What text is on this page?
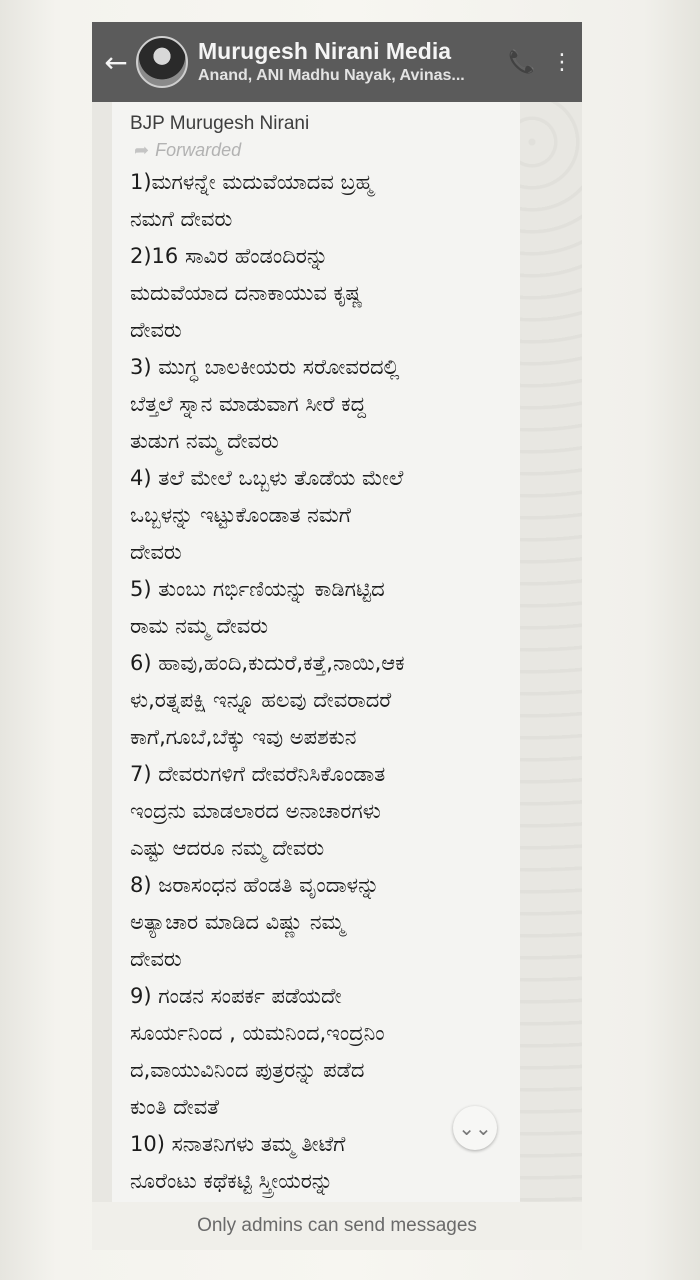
←	Murugesh Nirani Media
Anand, ANI Madhu Nayak, Avinas...
📞 ⋮
BJP Murugesh Nirani
➦ Forwarded
1)ಮಗಳನ್ನೇ ಮದುವೆಯಾದವ ಬ್ರಹ್ಮ
ನಮಗೆ ದೇವರು
2)16 ಸಾವಿರ ಹೆಂಡಂದಿರನ್ನು
ಮದುವೆಯಾದ ದನಾಕಾಯುವ ಕೃಷ್ಣ
ದೇವರು
3) ಮುಗ್ಧ ಬಾಲಕೀಯರು ಸರೋವರದಲ್ಲಿ
ಬೆತ್ತಲೆ ಸ್ನಾನ ಮಾಡುವಾಗ ಸೀರೆ ಕದ್ದ
ತುಡುಗ ನಮ್ಮ ದೇವರು
4) ತಲೆ ಮೇಲೆ ಒಬ್ಬಳು ತೊಡೆಯ ಮೇಲೆ
ಒಬ್ಬಳನ್ನು ಇಟ್ಟುಕೊಂಡಾತ ನಮಗೆ
ದೇವರು
5) ತುಂಬು ಗರ್ಭಿಣಿಯನ್ನು ಕಾಡಿಗಟ್ಟಿದ
ರಾಮ ನಮ್ಮ ದೇವರು
6) ಹಾವು,ಹಂದಿ,ಕುದುರೆ,ಕತ್ತೆ,ನಾಯಿ,ಆಕ
ಳು,ರತ್ನಪಕ್ಷಿ ಇನ್ನೂ ಹಲವು ದೇವರಾದರೆ
ಕಾಗೆ,ಗೂಬೆ,ಬೆಕ್ಕು ಇವು ಅಪಶಕುನ
7) ದೇವರುಗಳಿಗೆ ದೇವರೆನಿಸಿಕೊಂಡಾತ
ಇಂದ್ರನು ಮಾಡಲಾರದ ಅನಾಚಾರಗಳು
ಎಷ್ಟು ಆದರೂ ನಮ್ಮ ದೇವರು
8) ಜರಾಸಂಧನ ಹೆಂಡತಿ ವೃಂದಾಳನ್ನು
ಅತ್ಯಾಚಾರ ಮಾಡಿದ ವಿಷ್ಣು ನಮ್ಮ
ದೇವರು
9) ಗಂಡನ ಸಂಪರ್ಕ ಪಡೆಯದೇ
ಸೂರ್ಯನಿಂದ , ಯಮನಿಂದ,ಇಂದ್ರನಿಂ
ದ,ವಾಯುವಿನಿಂದ ಪುತ್ರರನ್ನು ಪಡೆದ
ಕುಂತಿ ದೇವತೆ
10) ಸನಾತನಿಗಳು ತಮ್ಮ ತೀಟೆಗೆ
ನೂರೆಂಟು ಕಥೆಕಟ್ಟಿ ಸ್ತ್ರೀಯರನ್ನು
Only admins can send messages
⌄⌄
